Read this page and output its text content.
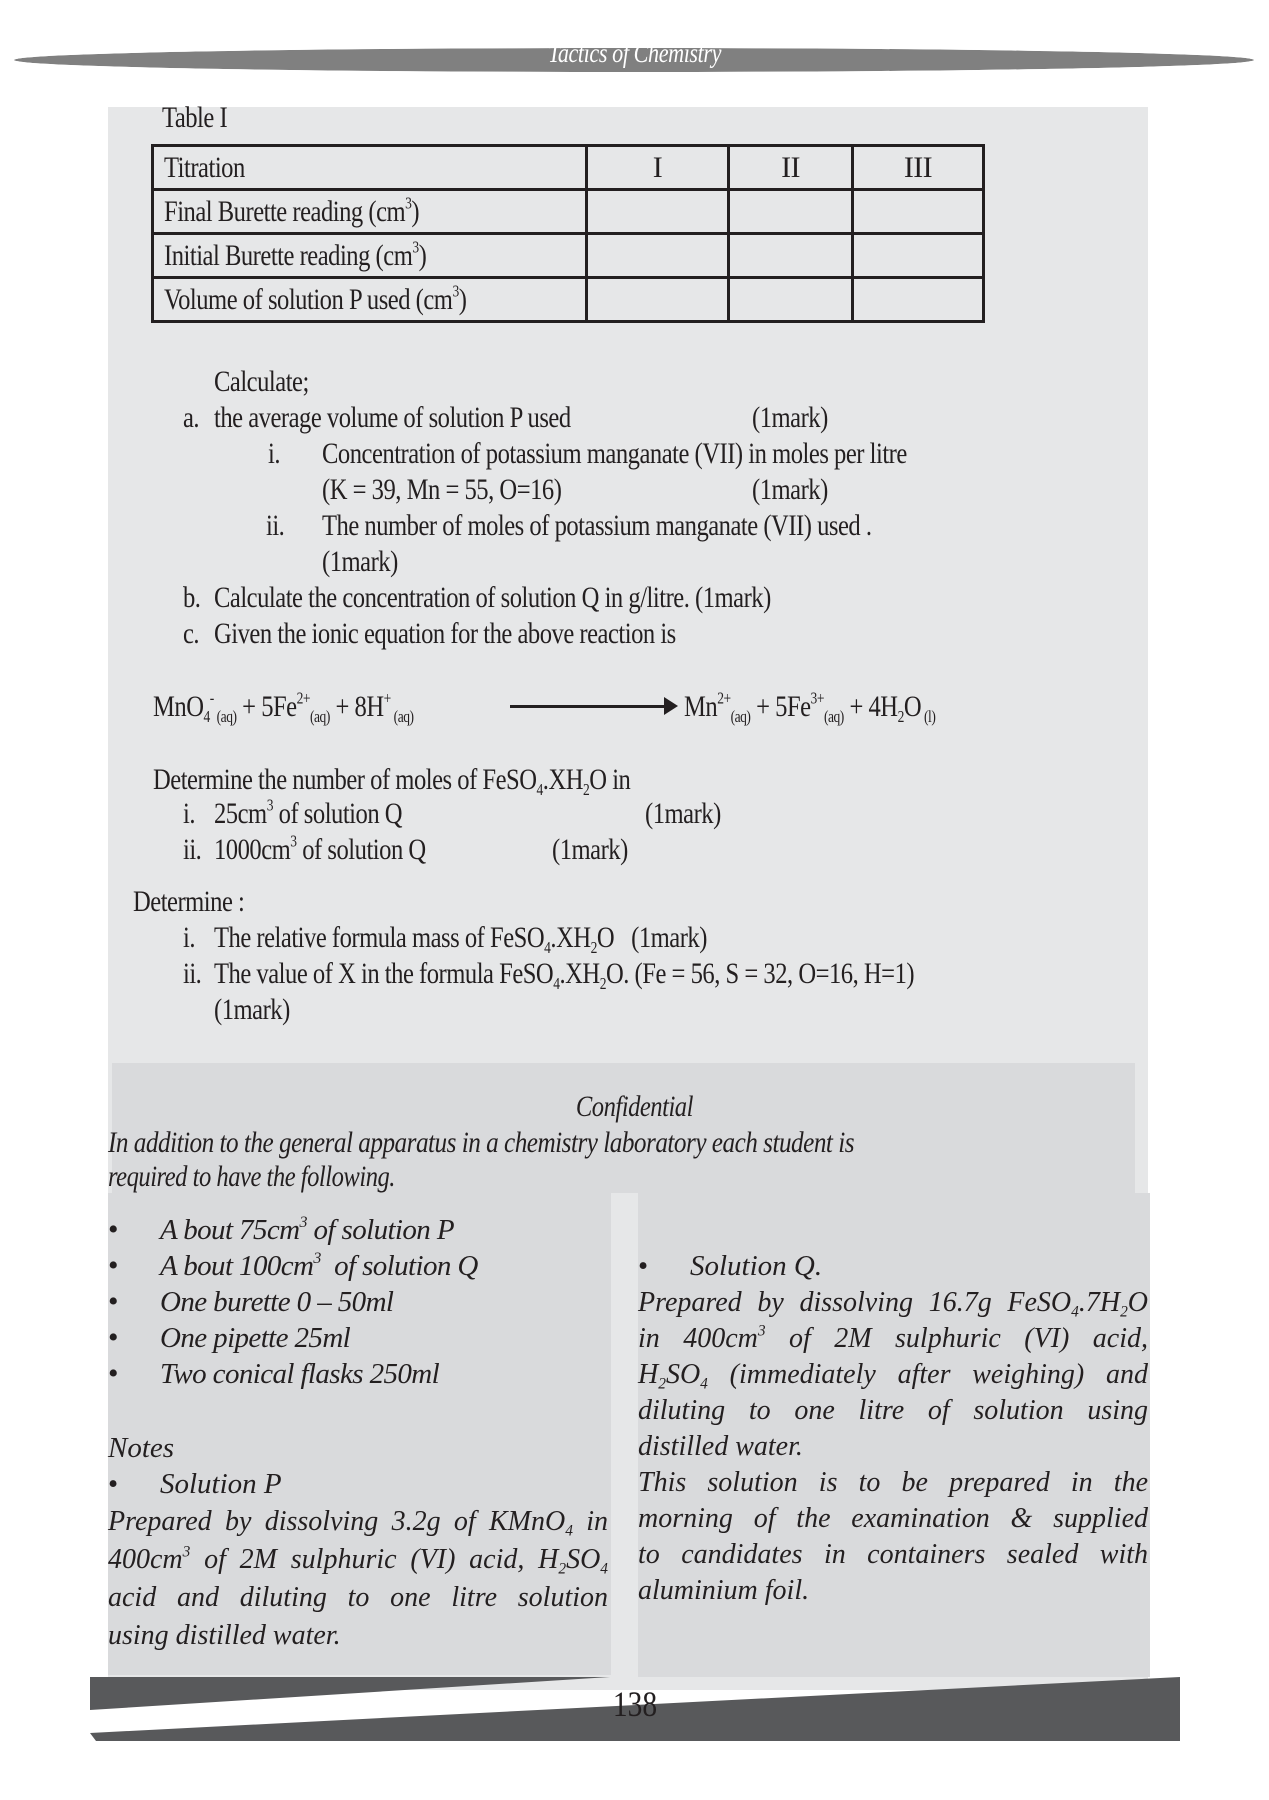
Tactics of Chemistry
Table I
Titration	I	II	III
Final Burette reading $(cm^3)$			
Initial Burette reading $(cm^3)$			
Volume of solution P used $(cm^3)$			
Calculate;
a. the average volume of solution P used	(1mark)
i. Concentration of potassium manganate (VII) in moles per litre
(K = 39, Mn = 55, O=16)	(1mark)
ii. The number of moles of potassium manganate (VII) used .
(1mark)
b. Calculate the concentration of solution Q in g/litre. (1mark)
c. Given the ionic equation for the above reaction is
MnO$_4$- $_{(aq)} + 5Fe^{2+}_{(aq)} + 8H^+$ $_{(aq)}$	$Mn^{2+}_{(aq)} + 5Fe^{3+}_{(aq)} + 4H_2O$ $_{(l)}$
Determine the number of moles of $FeSO_4.XH_2O$ in
i. $25cm^3$ of solution Q	(1mark)
ii. $1000cm^3$ of solution Q	(1mark)
Determine :
i. The relative formula mass of $FeSO_4.XH_2O$ (1mark)
ii. The value of X in the formula $FeSO_4.XH_2O$. (Fe = 56, S = 32, O=16, H=1)
(1mark)
Confidential
In addition to the general apparatus in a chemistry laboratory each student is
required to have the following.
• A bout $75cm^3$ of solution P
• A bout $100cm^3$  of solution Q
• One burette 0 – 50ml
• One pipette 25ml
• Two conical flasks 250ml
Notes
• Solution P
Prepared by dissolving 3.2g of KMnO$_4$ in
$400cm^3$ of 2M sulphuric (VI) acid, $H_2SO_4$
acid and diluting to one litre solution
using distilled water.
• Solution Q.
Prepared by dissolving 16.7g $FeSO_4.7H_2O$
in $400cm^3$ of 2M sulphuric (VI) acid,
$H_2SO_4$ (immediately after weighing) and
diluting to one litre of solution using
distilled water.
This solution is to be prepared in the
morning of the examination & supplied
to candidates in containers sealed with
aluminium foil.
138
